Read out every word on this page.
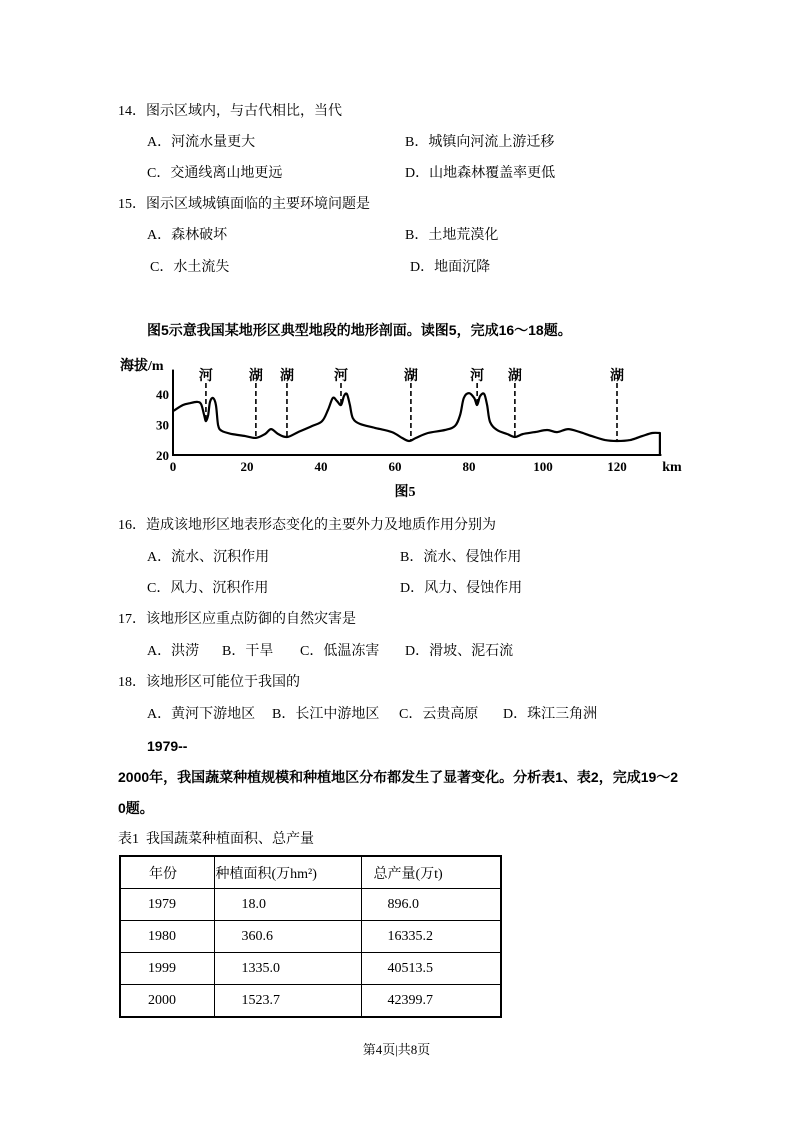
14．图示区域内，与古代相比，当代
A．河流水量更大	B．城镇向河流上游迁移
C．交通线离山地更远	D．山地森林覆盖率更低
15．图示区域城镇面临的主要环境问题是
A．森林破坏	B．土地荒漠化
C．水土流失	D．地面沉降
图5示意我国某地形区典型地段的地形剖面。读图5，完成16～18题。
海拔/m
km
20
30
40
0	20	40	60	80	100	120
河	湖 湖	河	湖	河 湖	湖
图5
16．造成该地形区地表形态变化的主要外力及地质作用分别为
A．流水、沉积作用	B．流水、侵蚀作用
C．风力、沉积作用	D．风力、侵蚀作用
17．该地形区应重点防御的自然灾害是
A．洪涝 B．干旱 C．低温冻害 D．滑坡、泥石流
18．该地形区可能位于我国的
A．黄河下游地区 B．长江中游地区 C．云贵高原 D．珠江三角洲
1979--
2000年，我国蔬菜种植规模和种植地区分布都发生了显著变化。分析表1、表2，完成19～2
0题。
表1  我国蔬菜种植面积、总产量
年份	种植面积(万hm²)	总产量(万t)
1979	18.0	896.0
1980	360.6	16335.2
1999	1335.0	40513.5
2000	1523.7	42399.7
第4页|共8页
